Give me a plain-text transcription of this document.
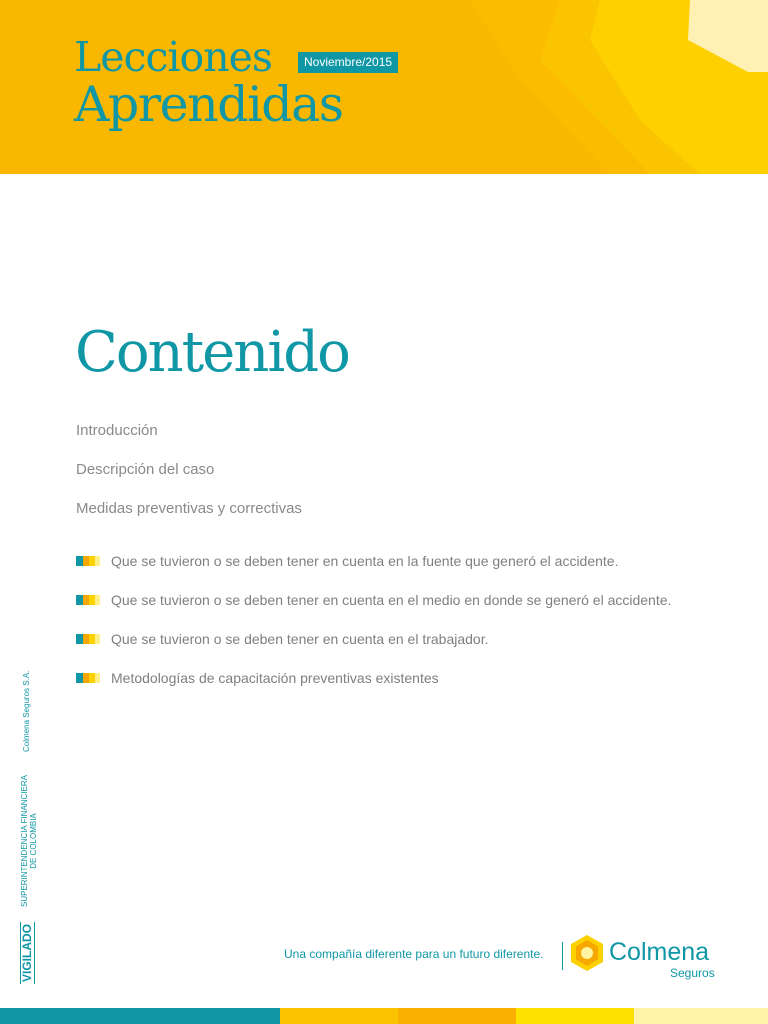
Lecciones
Aprendidas
Noviembre/2015
Contenido
Introducción
Descripción del caso
Medidas preventivas y correctivas
Que se tuvieron o se deben tener en cuenta en la fuente que generó el accidente.
Que se tuvieron o se deben tener en cuenta en el medio en donde se generó el accidente.
Que se tuvieron o se deben tener en cuenta en el trabajador.
Metodologías de capacitación preventivas existentes
VIGILADO
SUPERINTENDENCIA FINANCIERA DE COLOMBIA
Colmena Seguros S.A.
Una compañía diferente para un futuro diferente.	Colmena
Seguros
